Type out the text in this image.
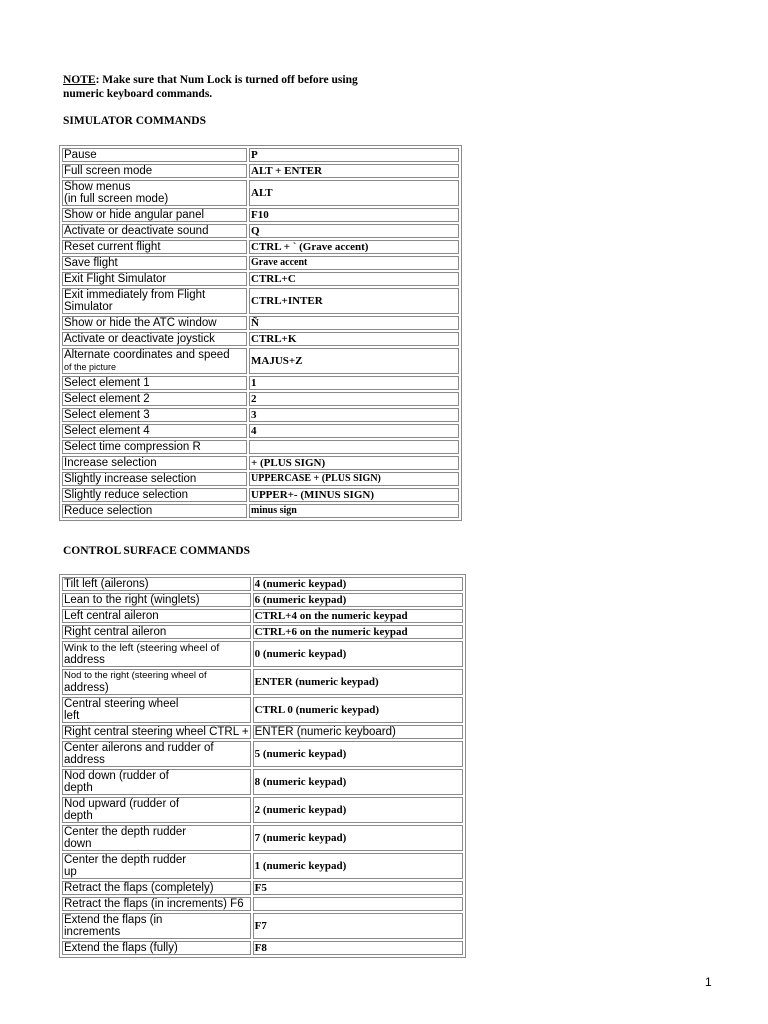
NOTE: Make sure that Num Lock is turned off before using
numeric keyboard commands.
SIMULATOR COMMANDS
Pause	P
Full screen mode	ALT + ENTER

Show menus
(in full screen mode)	ALT
Show or hide angular panel	F10
Activate or deactivate sound	Q
Reset current flight	CTRL + ` (Grave accent)
Save flight	Grave accent
Exit Flight Simulator	CTRL+C

Exit immediately from Flight
Simulator	CTRL+INTER
Show or hide the ATC window	Ñ
Activate or deactivate joystick	CTRL+K

Alternate coordinates and speed
of the picture	MAJUS+Z
Select element 1	1
Select element 2	2
Select element 3	3
Select element 4	4
Select time compression R	
Increase selection	+ (PLUS SIGN)
Slightly increase selection	UPPERCASE + (PLUS SIGN)
Slightly reduce selection	UPPER+- (MINUS SIGN)
Reduce selection	minus sign
CONTROL SURFACE COMMANDS
Tilt left (ailerons)	4 (numeric keypad)
Lean to the right (winglets)	6 (numeric keypad)
Left central aileron	CTRL+4 on the numeric keypad
Right central aileron	CTRL+6 on the numeric keypad

Wink to the left (steering wheel of
address	0 (numeric keypad)

Nod to the right (steering wheel of
address)	ENTER (numeric keypad)

Central steering wheel
left	CTRL 0 (numeric keypad)
Right central steering wheel CTRL +	ENTER (numeric keyboard)

Center ailerons and rudder of
address	5 (numeric keypad)

Nod down (rudder of
depth	8 (numeric keypad)

Nod upward (rudder of
depth	2 (numeric keypad)

Center the depth rudder
down	7 (numeric keypad)

Center the depth rudder
up	1 (numeric keypad)
Retract the flaps (completely)	F5
Retract the flaps (in increments) F6	

Extend the flaps (in
increments	F7
Extend the flaps (fully)	F8
1
